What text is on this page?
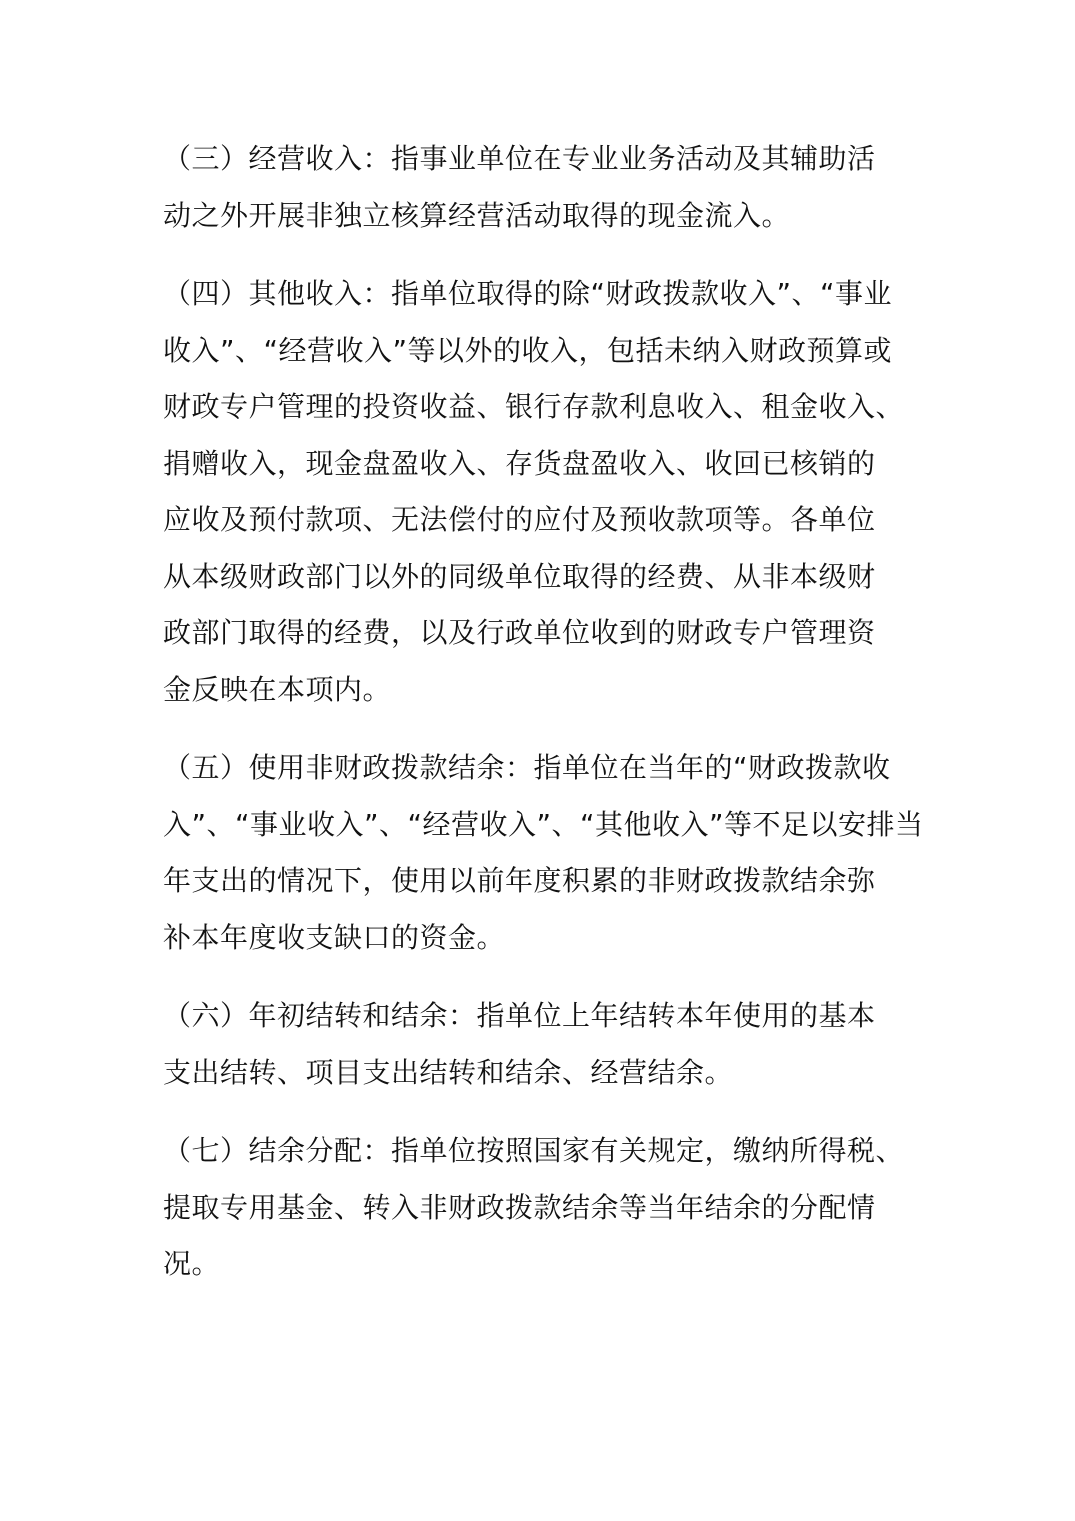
（三）经营收入：指事业单位在专业业务活动及其辅助活
动之外开展非独立核算经营活动取得的现金流入。

（四）其他收入：指单位取得的除“财政拨款收入”、“事业
收入”、“经营收入”等以外的收入，包括未纳入财政预算或
财政专户管理的投资收益、银行存款利息收入、租金收入、
捐赠收入，现金盘盈收入、存货盘盈收入、收回已核销的
应收及预付款项、无法偿付的应付及预收款项等。各单位
从本级财政部门以外的同级单位取得的经费、从非本级财
政部门取得的经费，以及行政单位收到的财政专户管理资
金反映在本项内。

（五）使用非财政拨款结余：指单位在当年的“财政拨款收
入”、“事业收入”、“经营收入”、“其他收入”等不足以安排当
年支出的情况下，使用以前年度积累的非财政拨款结余弥
补本年度收支缺口的资金。

（六）年初结转和结余：指单位上年结转本年使用的基本
支出结转、项目支出结转和结余、经营结余。

（七）结余分配：指单位按照国家有关规定，缴纳所得税、
提取专用基金、转入非财政拨款结余等当年结余的分配情
况。
